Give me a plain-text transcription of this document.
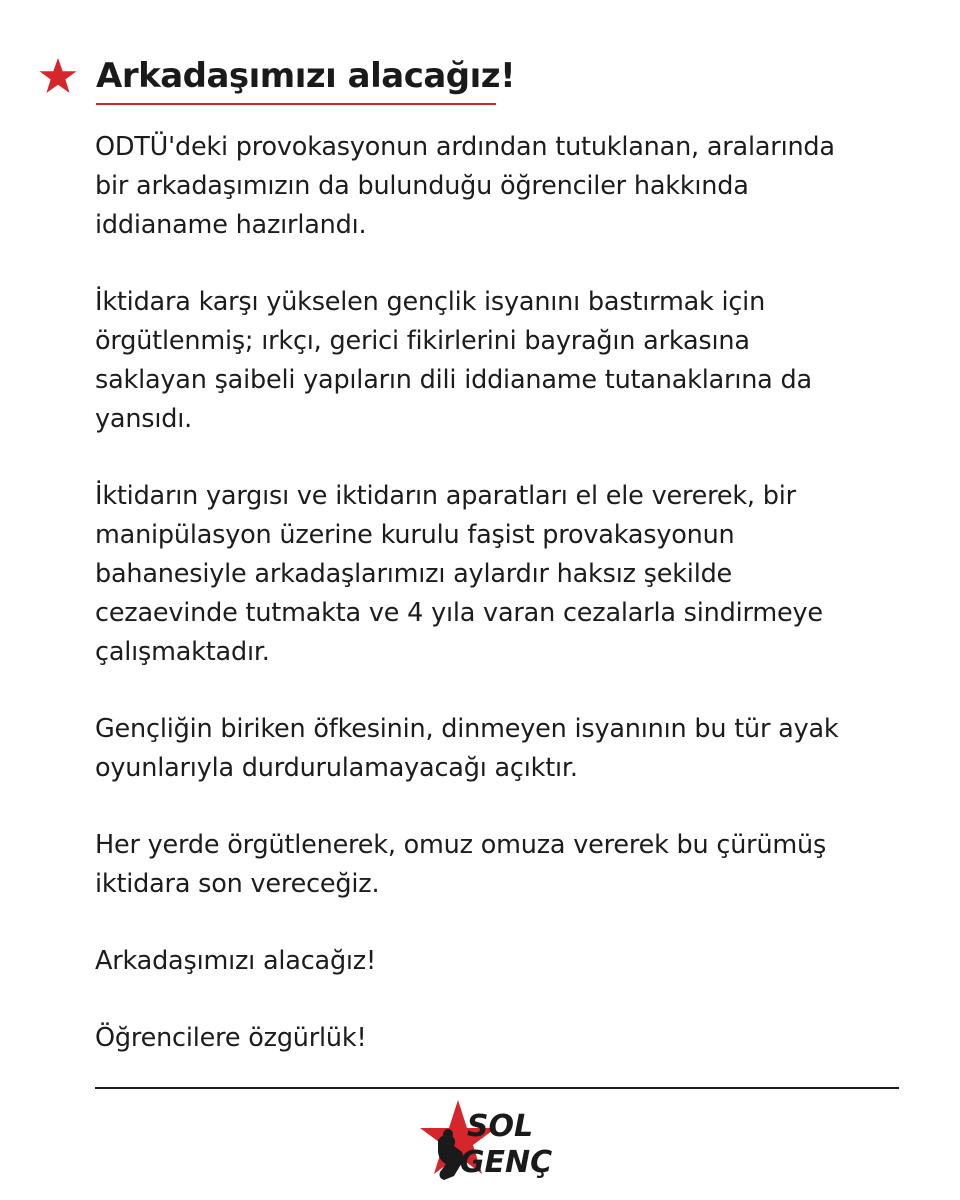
Arkadaşımızı alacağız!

ODTÜ'deki provokasyonun ardından tutuklanan, aralarında
bir arkadaşımızın da bulunduğu öğrenciler hakkında
iddianame hazırlandı.

İktidara karşı yükselen gençlik isyanını bastırmak için
örgütlenmiş; ırkçı, gerici fikirlerini bayrağın arkasına
saklayan şaibeli yapıların dili iddianame tutanaklarına da
yansıdı.

İktidarın yargısı ve iktidarın aparatları el ele vererek, bir
manipülasyon üzerine kurulu faşist provakasyonun
bahanesiyle arkadaşlarımızı aylardır haksız şekilde
cezaevinde tutmakta ve 4 yıla varan cezalarla sindirmeye
çalışmaktadır.

Gençliğin biriken öfkesinin, dinmeyen isyanının bu tür ayak
oyunlarıyla durdurulamayacağı açıktır.

Her yerde örgütlenerek, omuz omuza vererek bu çürümüş
iktidara son vereceğiz.

Arkadaşımızı alacağız!

Öğrencilere özgürlük!

SOL
GENÇ
